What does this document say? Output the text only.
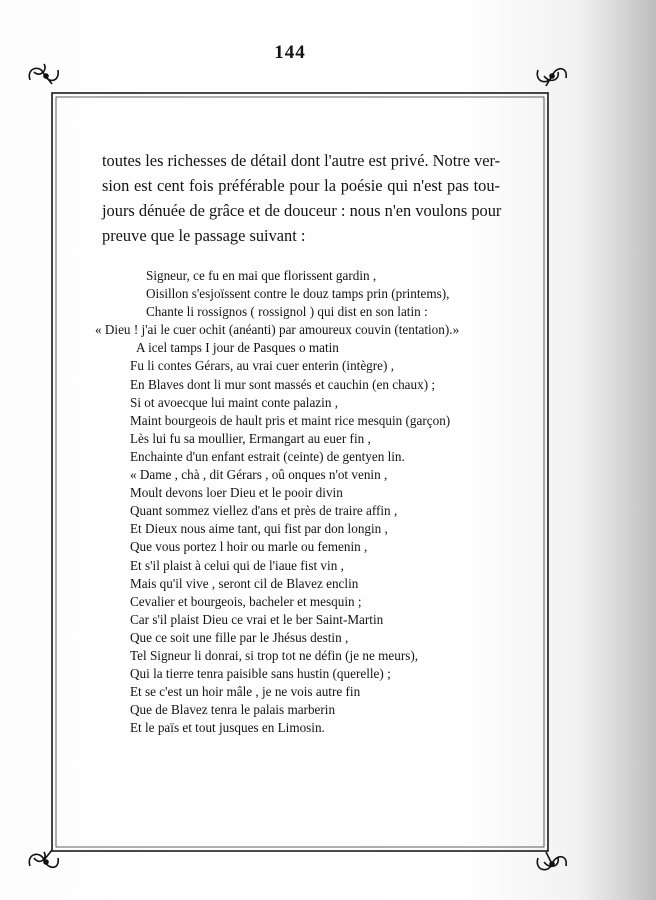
144
toutes les richesses de détail dont l'autre est privé. Notre ver-
sion est cent fois préférable pour la poésie qui n'est pas tou-
jours dénuée de grâce et de douceur : nous n'en voulons pour
preuve que le passage suivant :
Signeur, ce fu en mai que florissent gardin ,
Oisillon s'esjoïssent contre le douz tamps prin (printems),
Chante li rossignos ( rossignol ) qui dist en son latin :
« Dieu ! j'ai le cuer ochit (anéanti) par amoureux couvin (tentation).»
A icel tamps I jour de Pasques o matin
Fu li contes Gérars, au vrai cuer enterin (intègre) ,
En Blaves dont li mur sont massés et cauchin (en chaux) ;
Si ot avoecque lui maint conte palazin ,
Maint bourgeois de hault pris et maint rice mesquin (garçon)
Lès lui fu sa moullier, Ermangart au euer fin ,
Enchainte d'un enfant estrait (ceinte) de gentyen lin.
« Dame , chà , dit Gérars , oû onques n'ot venin ,
Moult devons loer Dieu et le pooir divin
Quant sommez viellez d'ans et près de traire affin ,
Et Dieux nous aime tant, qui fist par don longin ,
Que vous portez l hoir ou marle ou femenin ,
Et s'il plaist à celui qui de l'iaue fist vin ,
Mais qu'il vive , seront cil de Blavez enclin
Cevalier et bourgeois, bacheler et mesquin ;
Car s'il plaist Dieu ce vrai et le ber Saint-Martin
Que ce soit une fille par le Jhésus destin ,
Tel Signeur li donrai, si trop tot ne défin (je ne meurs),
Qui la tierre tenra paisible sans hustin (querelle) ;
Et se c'est un hoir mâle , je ne vois autre fin
Que de Blavez tenra le palais marberin
Et le païs et tout jusques en Limosin.
